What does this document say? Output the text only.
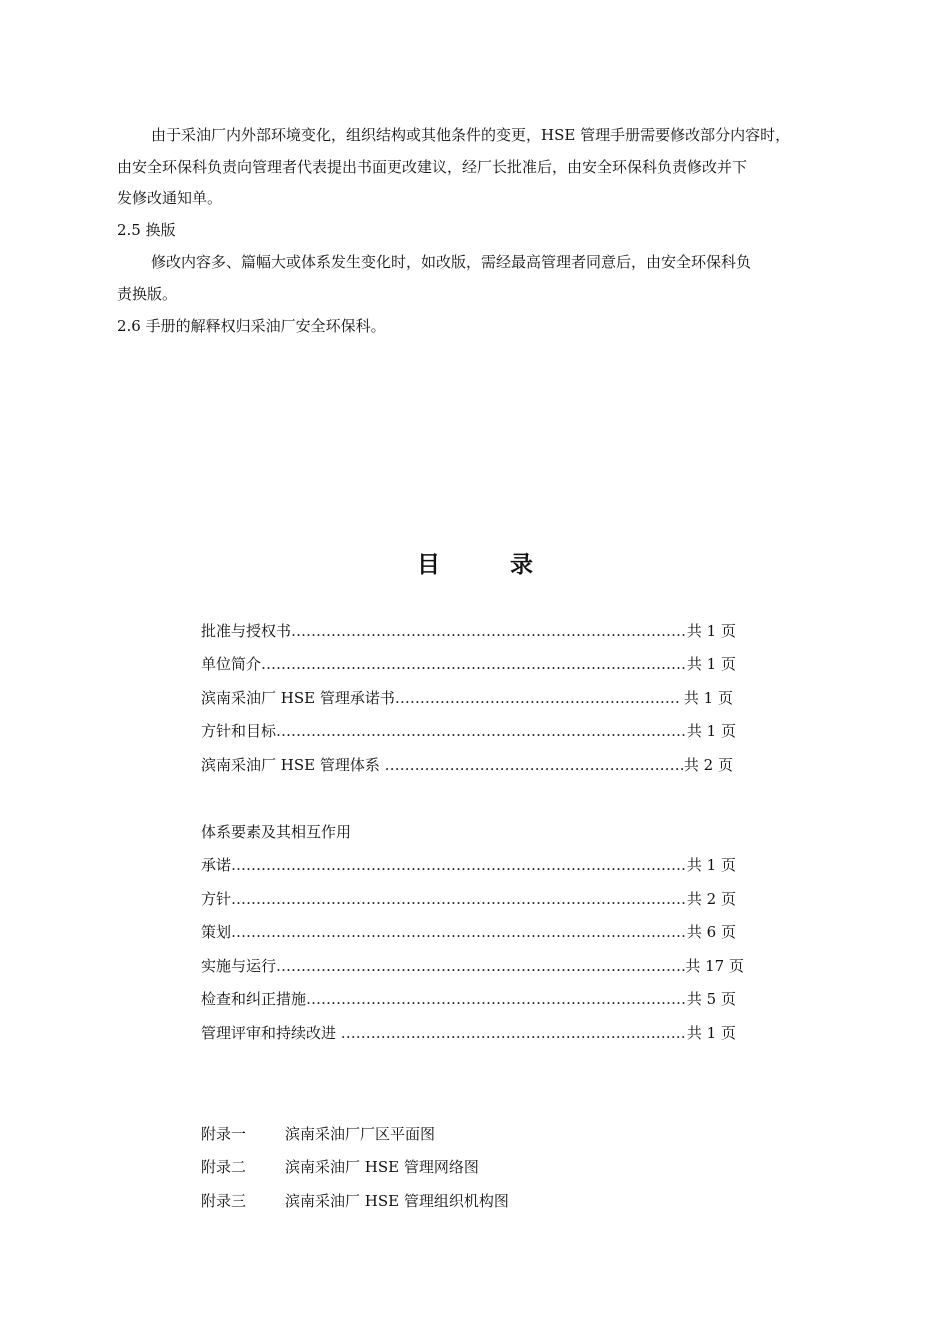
由于采油厂内外部环境变化，组织结构或其他条件的变更，HSE 管理手册需要修改部分内容时，
由安全环保科负责向管理者代表提出书面更改建议，经厂长批准后，由安全环保科负责修改并下
发修改通知单。
2.5 换版
修改内容多、篇幅大或体系发生变化时，如改版，需经最高管理者同意后，由安全环保科负
责换版。
2.6 手册的解释权归采油厂安全环保科。
目	录
批准与授权书 …………………………………………………………………………………………………………………………	共 1 页
单位简介 …………………………………………………………………………………………………………………………	共 1 页
滨南采油厂 HSE 管理承诺书 …………………………………………………………………………………………………………………………	共 1 页
方针和目标 …………………………………………………………………………………………………………………………	共 1 页
滨南采油厂 HSE 管理体系 …………………………………………………………………………………………………………………………	共 2 页
体系要素及其相互作用
承诺 …………………………………………………………………………………………………………………………	共 1 页
方针 …………………………………………………………………………………………………………………………	共 2 页
策划 …………………………………………………………………………………………………………………………	共 6 页
实施与运行 …………………………………………………………………………………………………………………………	共 17 页
检查和纠正措施 …………………………………………………………………………………………………………………………	共 5 页
管理评审和持续改进 …………………………………………………………………………………………………………………………	共 1 页
附录一	滨南采油厂厂区平面图
附录二	滨南采油厂 HSE 管理网络图
附录三	滨南采油厂 HSE 管理组织机构图
